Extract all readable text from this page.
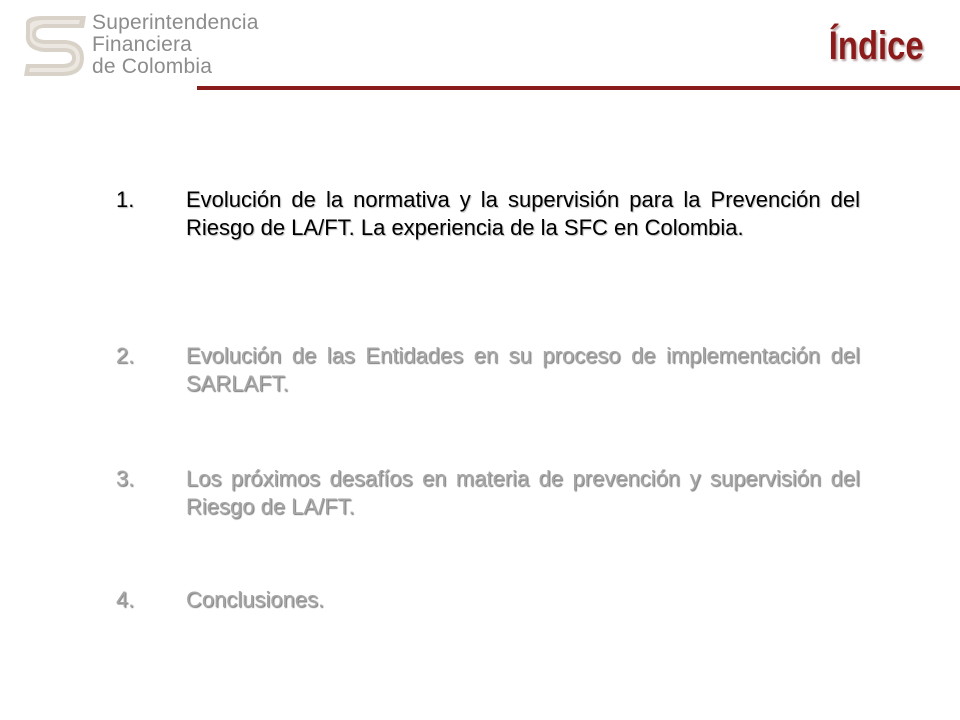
Superintendencia
Financiera
de Colombia	Índice
1.	Evolución de la normativa y la supervisión para la Prevención del Riesgo de LA/FT. La experiencia de la SFC en Colombia.
2.	Evolución de las Entidades en su proceso de implementación del SARLAFT.
3.	Los próximos desafíos en materia de prevención y supervisión del Riesgo de LA/FT.
4.	Conclusiones.
